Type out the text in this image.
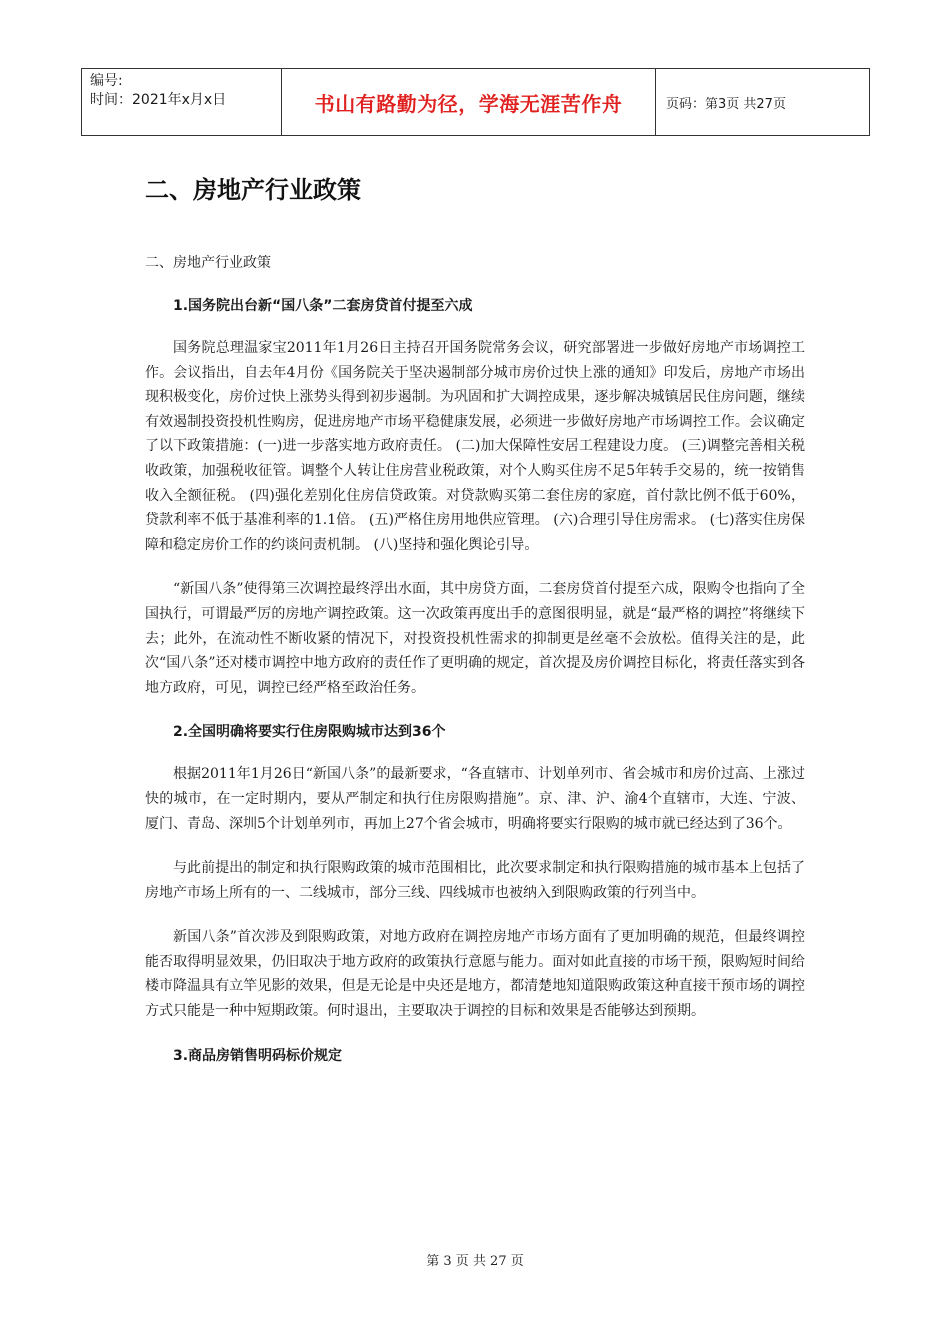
编号:
时间：2021年x月x日	书山有路勤为径，学海无涯苦作舟	页码：第3页 共27页
二、房地产行业政策

二、房地产行业政策

1.国务院出台新“国八条”二套房贷首付提至六成

国务院总理温家宝2011年1月26日主持召开国务院常务会议，研究部署进一步做好房地产市场调控工作。会议指出，自去年4月份《国务院关于坚决遏制部分城市房价过快上涨的通知》印发后，房地产市场出现积极变化，房价过快上涨势头得到初步遏制。为巩固和扩大调控成果，逐步解决城镇居民住房问题，继续有效遏制投资投机性购房，促进房地产市场平稳健康发展，必须进一步做好房地产市场调控工作。会议确定了以下政策措施：(一)进一步落实地方政府责任。 (二)加大保障性安居工程建设力度。 (三)调整完善相关税收政策，加强税收征管。调整个人转让住房营业税政策，对个人购买住房不足5年转手交易的，统一按销售收入全额征税。 (四)强化差别化住房信贷政策。对贷款购买第二套住房的家庭，首付款比例不低于60%，贷款利率不低于基准利率的1.1倍。 (五)严格住房用地供应管理。 (六)合理引导住房需求。 (七)落实住房保障和稳定房价工作的约谈问责机制。 (八)坚持和强化舆论引导。

“新国八条”使得第三次调控最终浮出水面，其中房贷方面，二套房贷首付提至六成，限购令也指向了全国执行，可谓最严厉的房地产调控政策。这一次政策再度出手的意图很明显，就是“最严格的调控”将继续下去；此外，在流动性不断收紧的情况下，对投资投机性需求的抑制更是丝毫不会放松。值得关注的是，此次“国八条”还对楼市调控中地方政府的责任作了更明确的规定，首次提及房价调控目标化，将责任落实到各地方政府，可见，调控已经严格至政治任务。

2.全国明确将要实行住房限购城市达到36个

根据2011年1月26日“新国八条”的最新要求，“各直辖市、计划单列市、省会城市和房价过高、上涨过快的城市，在一定时期内，要从严制定和执行住房限购措施”。京、津、沪、渝4个直辖市，大连、宁波、厦门、青岛、深圳5个计划单列市，再加上27个省会城市，明确将要实行限购的城市就已经达到了36个。

与此前提出的制定和执行限购政策的城市范围相比，此次要求制定和执行限购措施的城市基本上包括了房地产市场上所有的一、二线城市，部分三线、四线城市也被纳入到限购政策的行列当中。

新国八条”首次涉及到限购政策，对地方政府在调控房地产市场方面有了更加明确的规范，但最终调控能否取得明显效果，仍旧取决于地方政府的政策执行意愿与能力。面对如此直接的市场干预，限购短时间给楼市降温具有立竿见影的效果，但是无论是中央还是地方，都清楚地知道限购政策这种直接干预市场的调控方式只能是一种中短期政策。何时退出，主要取决于调控的目标和效果是否能够达到预期。

3.商品房销售明码标价规定

第 3 页 共 27 页
